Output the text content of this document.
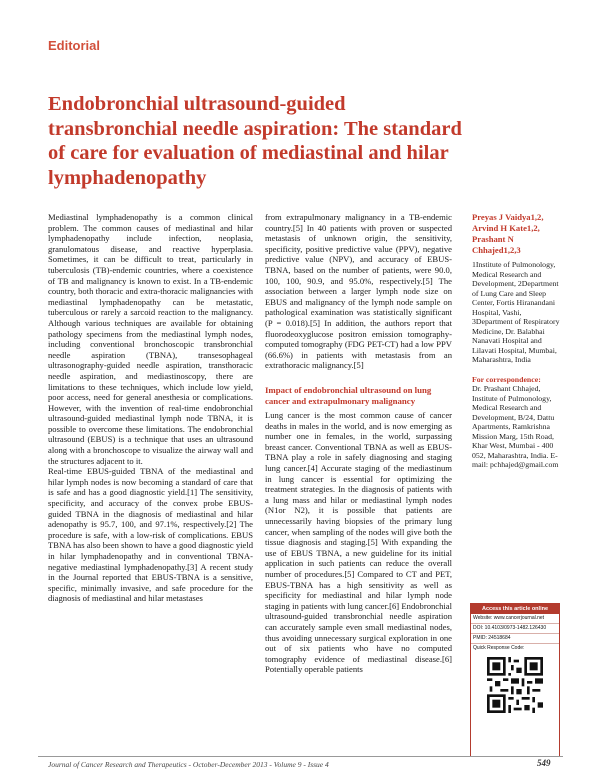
Editorial
Endobronchial ultrasound-guided transbronchial needle aspiration: The standard of care for evaluation of mediastinal and hilar lymphadenopathy

Mediastinal lymphadenopathy is a common clinical problem. The common causes of mediastinal and hilar lymphadenopathy include infection, neoplasia, granulomatous disease, and reactive hyperplasia. Sometimes, it can be difficult to treat, particularly in tuberculosis (TB)-endemic countries, where a coexistence of TB and malignancy is known to exist. In a TB-endemic country, both thoracic and extra-thoracic malignancies with mediastinal lymphadenopathy can be metastatic, tuberculous or rarely a sarcoid reaction to the malignancy. Although various techniques are available for obtaining pathology specimens from the mediastinal lymph nodes, including conventional bronchoscopic transbronchial needle aspiration (TBNA), transesophageal ultrasonography-guided needle aspiration, transthoracic needle aspiration, and mediastinoscopy, there are limitations to these techniques, which include low yield, poor access, need for general anesthesia or complications. However, with the invention of real-time endobronchial ultrasound-guided mediastinal lymph node TBNA, it is possible to overcome these limitations. The endobronchial ultrasound (EBUS) is a technique that uses an ultrasound along with a bronchoscope to visualize the airway wall and the structures adjacent to it.

Real-time EBUS-guided TBNA of the mediastinal and hilar lymph nodes is now becoming a standard of care that is safe and has a good diagnostic yield.[1] The sensitivity, specificity, and accuracy of the convex probe EBUS-guided TBNA in the diagnosis of mediastinal and hilar adenopathy is 95.7, 100, and 97.1%, respectively.[2] The procedure is safe, with a low-risk of complications. EBUS TBNA has also been shown to have a good diagnostic yield in hilar lymphadenopathy and in conventional TBNA-negative mediastinal lymphadenopathy.[3] A recent study in the Journal reported that EBUS-TBNA is a sensitive, specific, minimally invasive, and safe procedure for the diagnosis of mediastinal and hilar metastases

from extrapulmonary malignancy in a TB-endemic country.[5] In 40 patients with proven or suspected metastasis of unknown origin, the sensitivity, specificity, positive predictive value (PPV), negative predictive value (NPV), and accuracy of EBUS-TBNA, based on the number of patients, were 90.0, 100, 100, 90.9, and 95.0%, respectively.[5] The association between a larger lymph node size on EBUS and malignancy of the lymph node sample on pathological examination was statistically significant (P = 0.018).[5] In addition, the authors report that fluorodeoxyglucose positron emission tomography-computed tomography (FDG PET-CT) had a low PPV (66.6%) in patients with metastasis from an extrathoracic malignancy.[5]

Impact of endobronchial ultrasound on lung cancer and extrapulmonary malignancy

Lung cancer is the most common cause of cancer deaths in males in the world, and is now emerging as number one in females, in the world, surpassing breast cancer. Conventional TBNA as well as EBUS-TBNA play a role in safely diagnosing and staging lung cancer.[4] Accurate staging of the mediastinum in lung cancer is essential for optimizing the treatment strategies. In the diagnosis of patients with a lung mass and hilar or mediastinal lymph nodes (N1or N2), it is possible that patients are unnecessarily having biopsies of the primary lung cancer, when sampling of the nodes will give both the tissue diagnosis and staging.[5] With expanding the use of EBUS TBNA, a new guideline for its initial application in such patients can reduce the overall number of procedures.[5] Compared to CT and PET, EBUS-TBNA has a high sensitivity as well as specificity for mediastinal and hilar lymph node staging in patients with lung cancer.[6] Endobronchial ultrasound-guided transbronchial needle aspiration can accurately sample even small mediastinal nodes, thus avoiding unnecessary surgical exploration in one out of six patients who have no computed tomography evidence of mediastinal disease.[6] Potentially operable patients

Preyas J Vaidya1,2, Arvind H Kate1,2, Prashant N Chhajed1,2,3
1Institute of Pulmonology, Medical Research and Development, 2Department of Lung Care and Sleep Center, Fortis Hiranandani Hospital, Vashi, 3Department of Respiratory Medicine, Dr. Balabhai Nanavati Hospital and Lilavati Hospital, Mumbai, Maharashtra, India
For correspondence:
Dr. Prashant Chhajed, Institute of Pulmonology, Medical Research and Development, B/24, Dattu Apartments, Ramkrishna Mission Marg, 15th Road, Khar West, Mumbai - 400 052, Maharashtra, India. E-mail: pchhajed@gmail.com
Access this article online
Website: www.cancerjournal.net
DOI: 10.4103/0973-1482.126430
PMID: 24518684
Quick Response Code:
Journal of Cancer Research and Therapeutics - October-December 2013 - Volume 9 - Issue 4	549
